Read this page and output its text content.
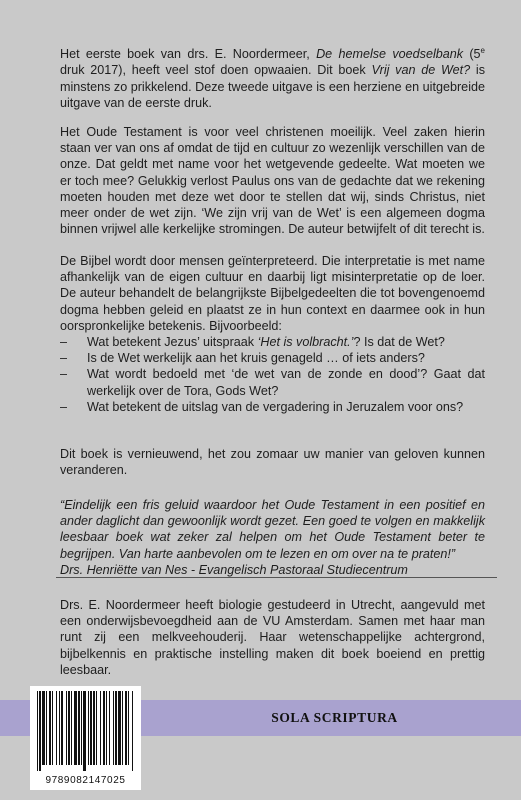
Het eerste boek van drs. E. Noordermeer, De hemelse voedselbank (5e druk 2017), heeft veel stof doen opwaaien. Dit boek Vrij van de Wet? is minstens zo prikkelend. Deze tweede uitgave is een herziene en uitgebreide uitgave van de eerste druk.

Het Oude Testament is voor veel christenen moeilijk. Veel zaken hierin staan ver van ons af omdat de tijd en cultuur zo wezenlijk verschillen van de onze. Dat geldt met name voor het wetgevende gedeelte. Wat moeten we er toch mee? Gelukkig verlost Paulus ons van de gedachte dat we rekening moeten houden met deze wet door te stellen dat wij, sinds Christus, niet meer onder de wet zijn. ‘We zijn vrij van de Wet’ is een algemeen dogma binnen vrijwel alle kerkelijke stromingen. De auteur betwijfelt of dit terecht is.

De Bijbel wordt door mensen geïnterpreteerd. Die interpretatie is met name afhankelijk van de eigen cultuur en daarbij ligt misinterpretatie op de loer. De auteur behandelt de belangrijkste Bijbelgedeelten die tot bovengenoemd dogma hebben geleid en plaatst ze in hun context en daarmee ook in hun oorspronkelijke betekenis. Bijvoorbeeld:

– Wat betekent Jezus’ uitspraak ‘Het is volbracht.’? Is dat de Wet?
– Is de Wet werkelijk aan het kruis genageld … of iets anders?
– Wat wordt bedoeld met ‘de wet van de zonde en dood’? Gaat dat werkelijk over de Tora, Gods Wet?
– Wat betekent de uitslag van de vergadering in Jeruzalem voor ons?

Dit boek is vernieuwend, het zou zomaar uw manier van geloven kunnen veranderen.

“Eindelijk een fris geluid waardoor het Oude Testament in een positief en ander daglicht dan gewoonlijk wordt gezet. Een goed te volgen en makkelijk leesbaar boek wat zeker zal helpen om het Oude Testament beter te begrijpen. Van harte aanbevolen om te lezen en om over na te praten!”

Drs. Henriëtte van Nes - Evangelisch Pastoraal Studiecentrum

Drs. E. Noordermeer heeft biologie gestudeerd in Utrecht, aangevuld met een onderwijsbevoegdheid aan de VU Amsterdam. Samen met haar man runt zij een melkveehouderij. Haar wetenschappelijke achtergrond, bijbelkennis en praktische instelling maken dit boek boeiend en prettig leesbaar.

SOLA SCRIPTURA
9789082147025
